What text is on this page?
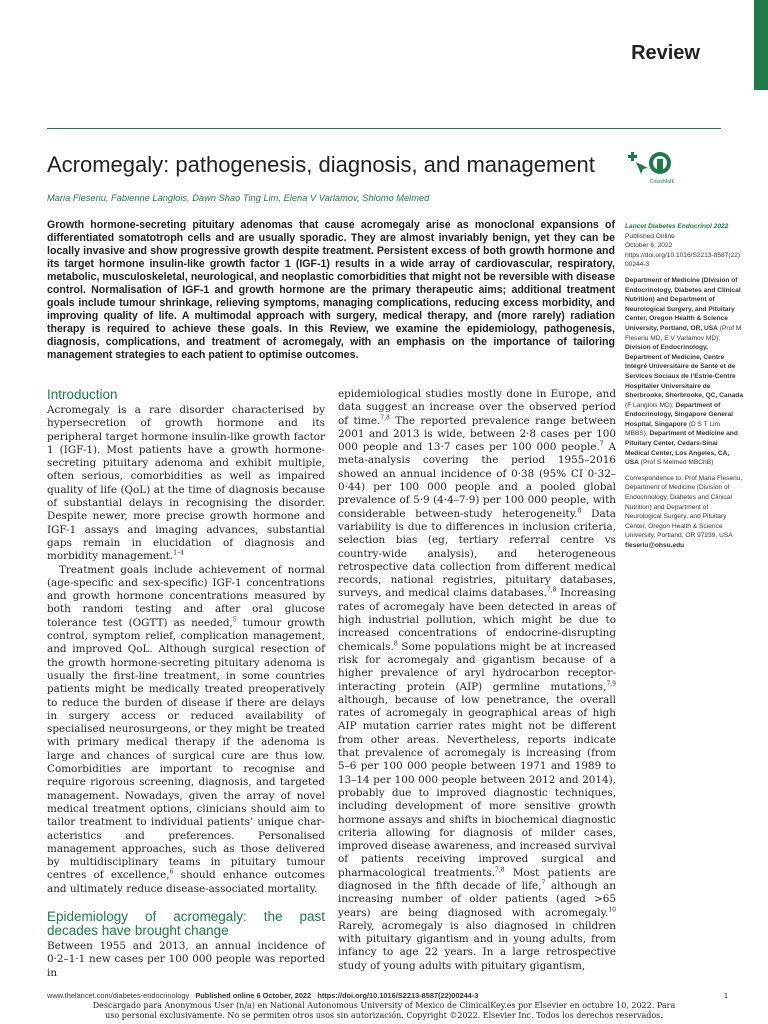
Review
Acromegaly: pathogenesis, diagnosis, and management
CrossMark
Maria Fleseriu, Fabienne Langlois, Dawn Shao Ting Lim, Elena V Varlamov, Shlomo Melmed
Growth hormone-secreting pituitary adenomas that cause acromegaly arise as monoclonal expansions of differentiated somatotroph cells and are usually sporadic. They are almost invariably benign, yet they can be locally invasive and show progressive growth despite treatment. Persistent excess of both growth hormone and its target hormone insulin-like growth factor 1 (IGF-1) results in a wide array of cardiovascular, respiratory, metabolic, musculoskeletal, neurological, and neoplastic comorbidities that might not be reversible with disease control. Normalisation of IGF-1 and growth hormone are the primary therapeutic aims; additional treatment goals include tumour shrinkage, relieving symptoms, managing complications, reducing excess morbidity, and improving quality of life. A multimodal approach with surgery, medical therapy, and (more rarely) radiation therapy is required to achieve these goals. In this Review, we examine the epidemiology, pathogenesis, diagnosis, complications, and treatment of acromegaly, with an emphasis on the importance of tailoring management strategies to each patient to optimise outcomes.

Lancet Diabetes Endocrinol 2022
Published Online
October 6, 2022
https://doi.org/10.1016/S2213-8587(22)00244-3

Department of Medicine (Division of Endocrinology, Diabetes and Clinical Nutrition) and Department of Neurological Surgery, and Pituitary Center, Oregon Health & Science University, Portland, OR, USA (Prof M Fleseriu MD, E V Varlamov MD); Division of Endocrinology, Department of Medicine, Centre Intégré Universitaire de Santé et de Services Sociaux de l’Estrie-Centre Hospitalier Universitaire de Sherbrooke, Sherbrooke, QC, Canada (F Langlois MD); Department of Endocrinology, Singapore General Hospital, Singapore (D S T Lim MBBS); Department of Medicine and Pituitary Center, Cedars-Sinai Medical Center, Los Angeles, CA, USA (Prof S Melmed MBChB)

Correspondence to: Prof Maria Fleseriu, Department of Medicine (Division of Endocrinology, Diabetes and Clinical Nutrition) and Department of Neurological Surgery, and Pituitary Center, Oregon Health & Science University, Portland, OR 97239, USA
fleseriu@ohsu.edu

Introduction

Acromegaly is a rare disorder characterised by hypersecretion of growth hormone and its peripheral target hormone insulin-like growth factor 1 (IGF-1). Most patients have a growth hormone-secreting pituitary adenoma and exhibit multiple, often serious, comorbidities as well as impaired quality of life (QoL) at the time of diagnosis because of substantial delays in recognising the disorder. Despite newer, more precise growth hormone and IGF-1 assays and imaging advances, substantial gaps remain in elucidation of diagnosis and morbidity management.$^{1-4}$

Treatment goals include achievement of normal (age-specific and sex-specific) IGF-1 concentrations and growth hormone concentrations measured by both random testing and after oral glucose tolerance test (OGTT) as needed,$^5$ tumour growth control, symptom relief, complication management, and improved QoL. Although surgical resection of the growth hormone-secreting pituitary adenoma is usually the first-line treatment, in some countries patients might be medically treated preoperatively to reduce the burden of disease if there are delays in surgery access or reduced availability of specialised neurosurgeons, or they might be treated with primary medical therapy if the adenoma is large and chances of surgical cure are thus low. Comorbidities are important to recognise and require rigorous screening, diagnosis, and targeted management. Nowadays, given the array of novel medical treatment options, clinicians should aim to tailor treatment to individual patients’ unique characteristics and preferences. Personalised management approaches, such as those delivered by multidisciplinary teams in pituitary tumour centres of excellence,$^6$ should enhance outcomes and ultimately reduce disease-associated mortality.

Epidemiology of acromegaly: the past decades have brought change

Between 1955 and 2013, an annual incidence of 0·2–1·1 new cases per 100 000 people was reported in

epidemiological studies mostly done in Europe, and data suggest an increase over the observed period of time.$^{7,8}$ The reported prevalence range between 2001 and 2013 is wide, between 2·8 cases per 100 000 people and 13·7 cases per 100 000 people.$^7$ A meta-analysis covering the period 1955–2016 showed an annual incidence of 0·38 (95% CI 0·32–0·44) per 100 000 people and a pooled global prevalence of 5·9 (4·4–7·9) per 100 000 people, with considerable between-study heterogeneity.$^8$ Data variability is due to differences in inclusion criteria, selection bias (eg, tertiary referral centre vs country-wide analysis), and heterogeneous retrospective data collection from different medical records, national registries, pituitary databases, surveys, and medical claims databases.$^{7,8}$ Increasing rates of acromegaly have been detected in areas of high industrial pollution, which might be due to increased concentrations of endocrine-disrupting chemicals.$^8$ Some populations might be at increased risk for acromegaly and gigantism because of a higher prevalence of aryl hydrocarbon receptor-interacting protein (AIP) germline mutations,$^{7,9}$ although, because of low penetrance, the overall rates of acromegaly in geographical areas of high AIP mutation carrier rates might not be different from other areas. Nevertheless, reports indicate that prevalence of acromegaly is increasing (from 5–6 per 100 000 people between 1971 and 1989 to 13–14 per 100 000 people between 2012 and 2014), probably due to improved diagnostic techniques, including development of more sensitive growth hormone assays and shifts in biochemical diagnostic criteria allowing for diagnosis of milder cases, improved disease awareness, and increased survival of patients receiving improved surgical and pharmacological treatments.$^{7,8}$ Most patients are diagnosed in the fifth decade of life,$^7$ although an increasing number of older patients (aged >65 years) are being diagnosed with acromegaly.$^{10}$ Rarely, acromegaly is also diagnosed in children with pituitary gigantism and in young adults, from infancy to age 22 years. In a large retrospective study of young adults with pituitary gigantism,

www.thelancet.com/diabetes-endocrinology Published online 6 October, 2022 https://doi.org/10.1016/S2213-8587(22)00244-3	1
Descargado para Anonymous User (n/a) en National Autonomous University of Mexico de ClinicalKey.es por Elsevier en octubre 10, 2022. Para
uso personal exclusivamente. No se permiten otros usos sin autorización. Copyright ©2022. Elsevier Inc. Todos los derechos reservados.
